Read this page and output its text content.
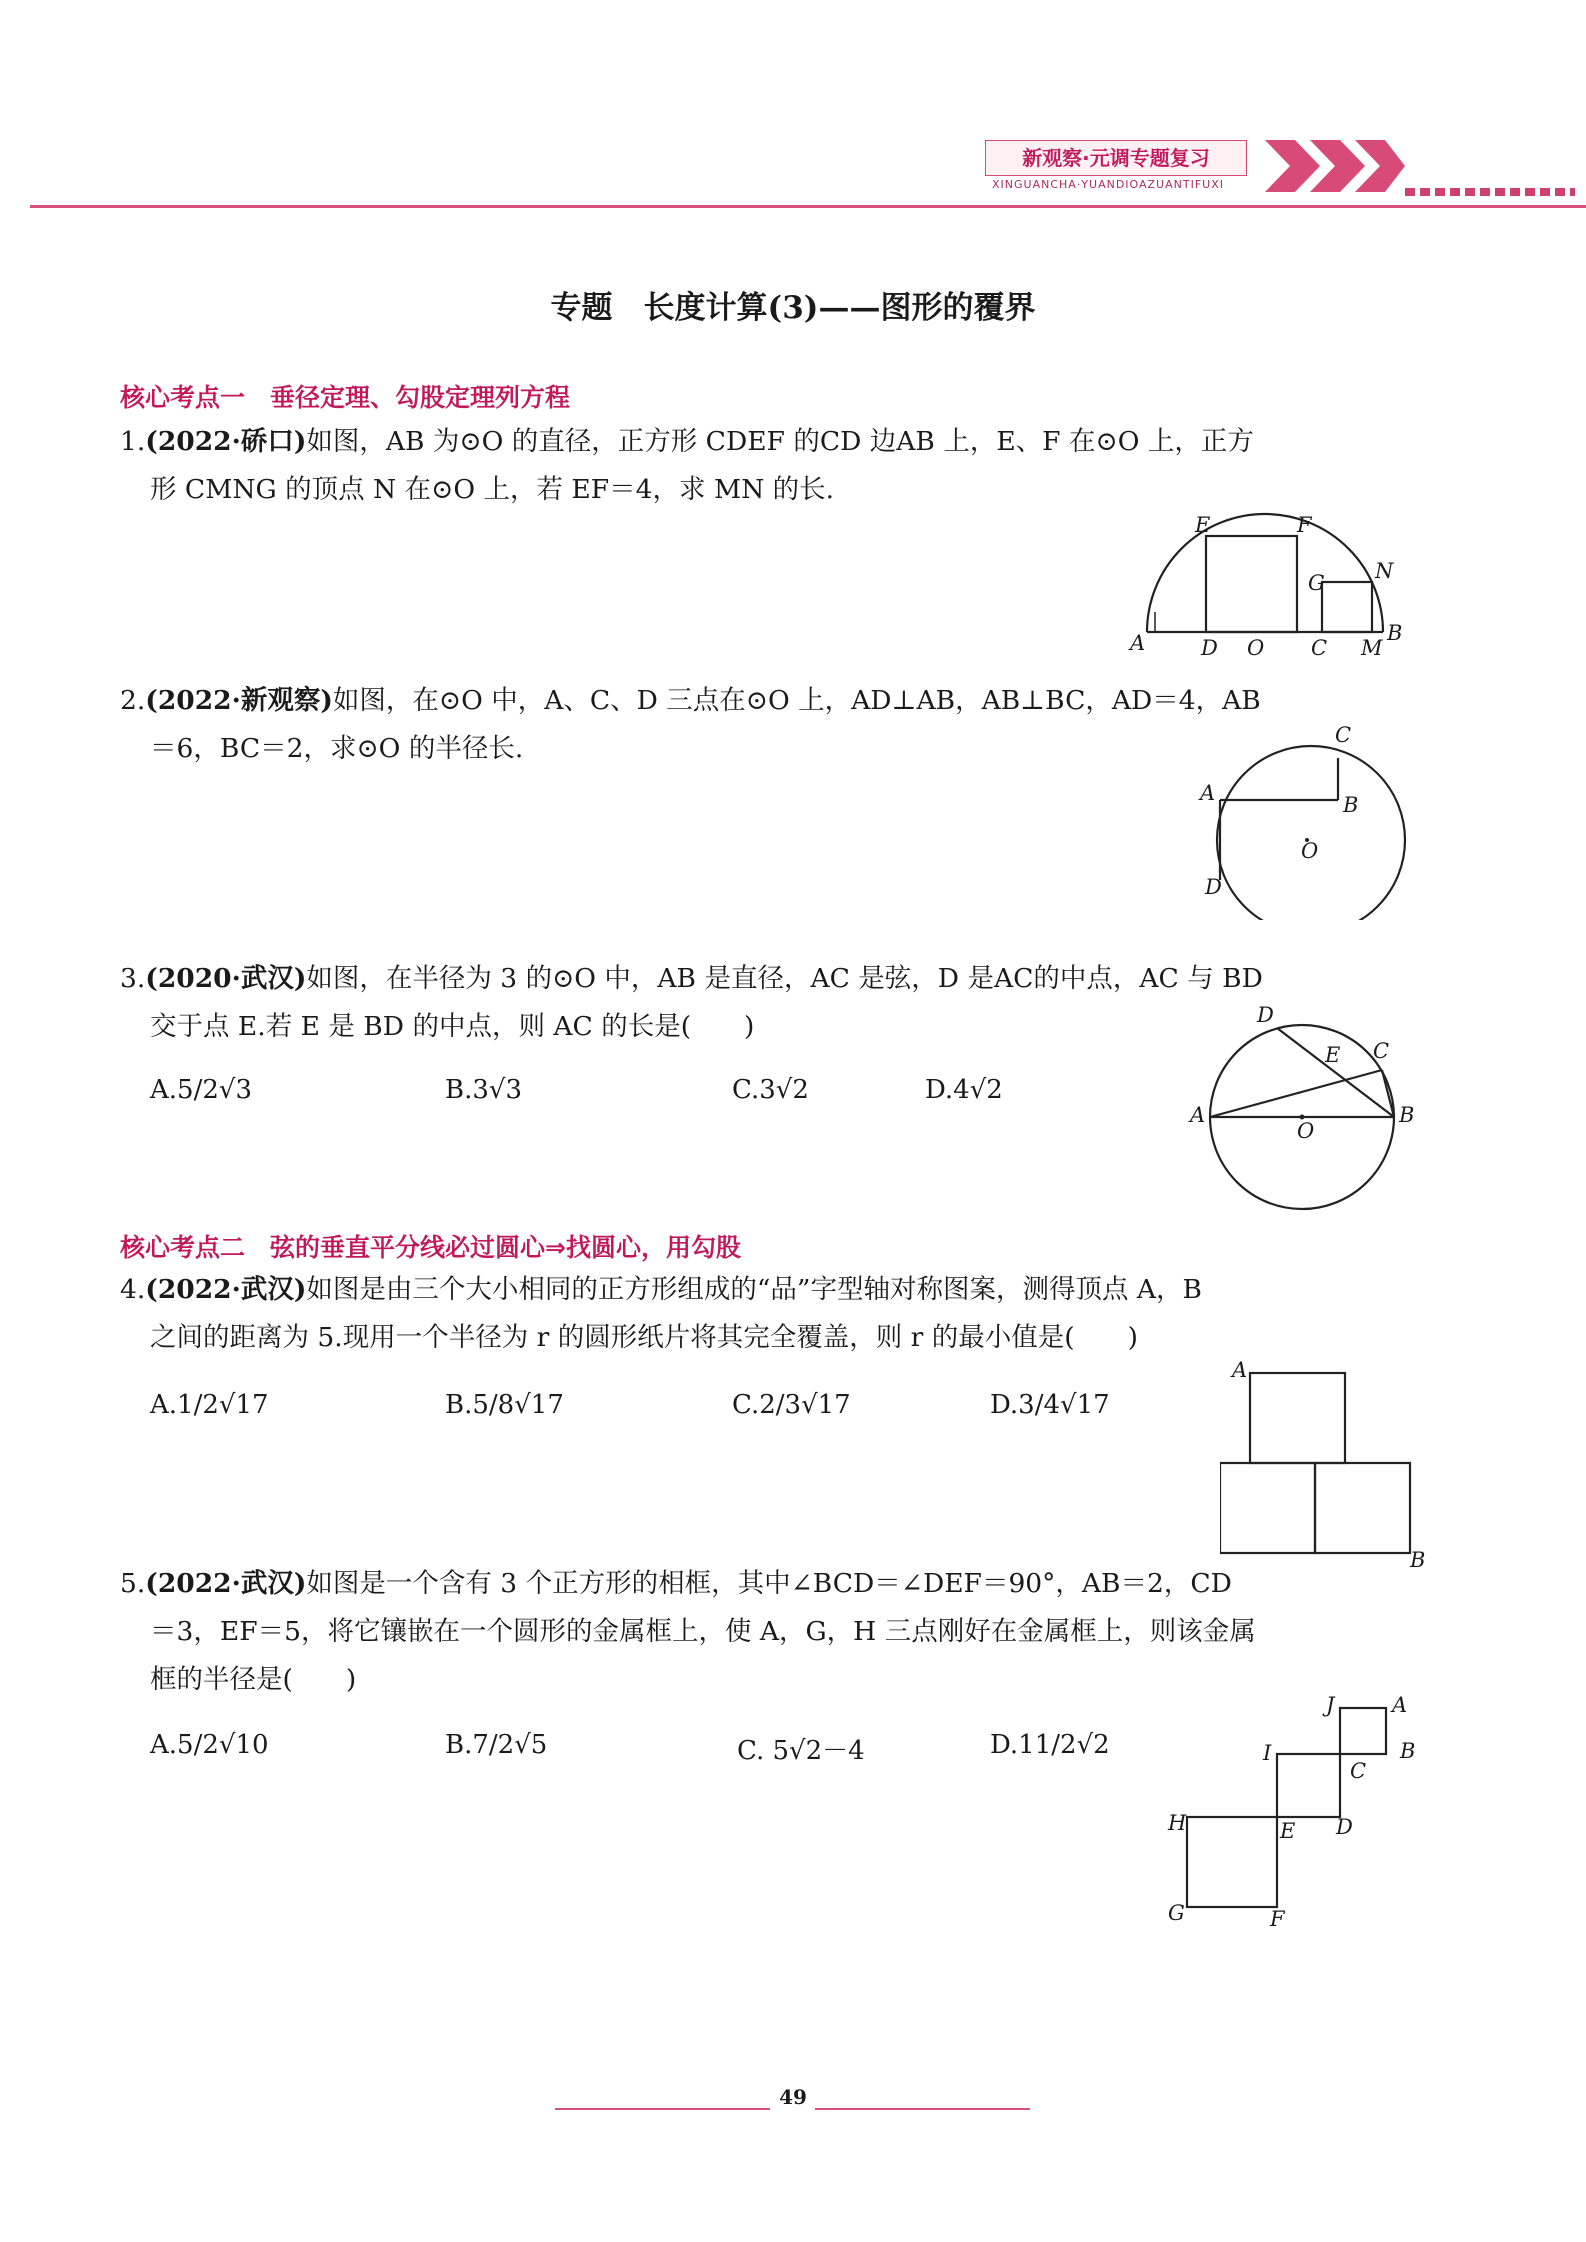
新观察·元调专题复习
XINGUANCHA·YUANDIOAZUANTIFUXI
专题　长度计算(3)——图形的覆界
核心考点一　垂径定理、勾股定理列方程
1.(2022·硚口)如图，AB 为⊙O 的直径，正方形 CDEF 的CD 边AB 上，E、F 在⊙O 上，正方
形 CMNG 的顶点 N 在⊙O 上，若 EF＝4，求 MN 的长.
E	F
G N
A	D O C M
B
2.(2022·新观察)如图，在⊙O 中，A、C、D 三点在⊙O 上，AD⊥AB，AB⊥BC，AD＝4，AB
＝6，BC＝2，求⊙O 的半径长.	C
A	B
O
D
3.(2020·武汉)如图，在半径为 3 的⊙O 中，AB 是直径，AC 是弦，D 是AC的中点，AC 与 BD
交于点 E.若 E 是 BD 的中点，则 AC 的长是(　　)
A.5/2√3	B.3√3	C.3√2	D.4√2
D
E C
A
O
B
核心考点二　弦的垂直平分线必过圆心⇒找圆心，用勾股
4.(2022·武汉)如图是由三个大小相同的正方形组成的“品”字型轴对称图案，测得顶点 A，B
之间的距离为 5.现用一个半径为 r 的圆形纸片将其完全覆盖，则 r 的最小值是(　　)
A.1/2√17	B.5/8√17	C.2/3√17	D.3/4√17
A
B
5.(2022·武汉)如图是一个含有 3 个正方形的相框，其中∠BCD＝∠DEF＝90°，AB＝2，CD
＝3，EF＝5，将它镶嵌在一个圆形的金属框上，使 A，G，H 三点刚好在金属框上，则该金属
框的半径是(　　)
A.5/2√10	B.7/2√5	C. 5√2－4	D.11/2√2
J	A
B
I
C
H	E D
G	F
49
